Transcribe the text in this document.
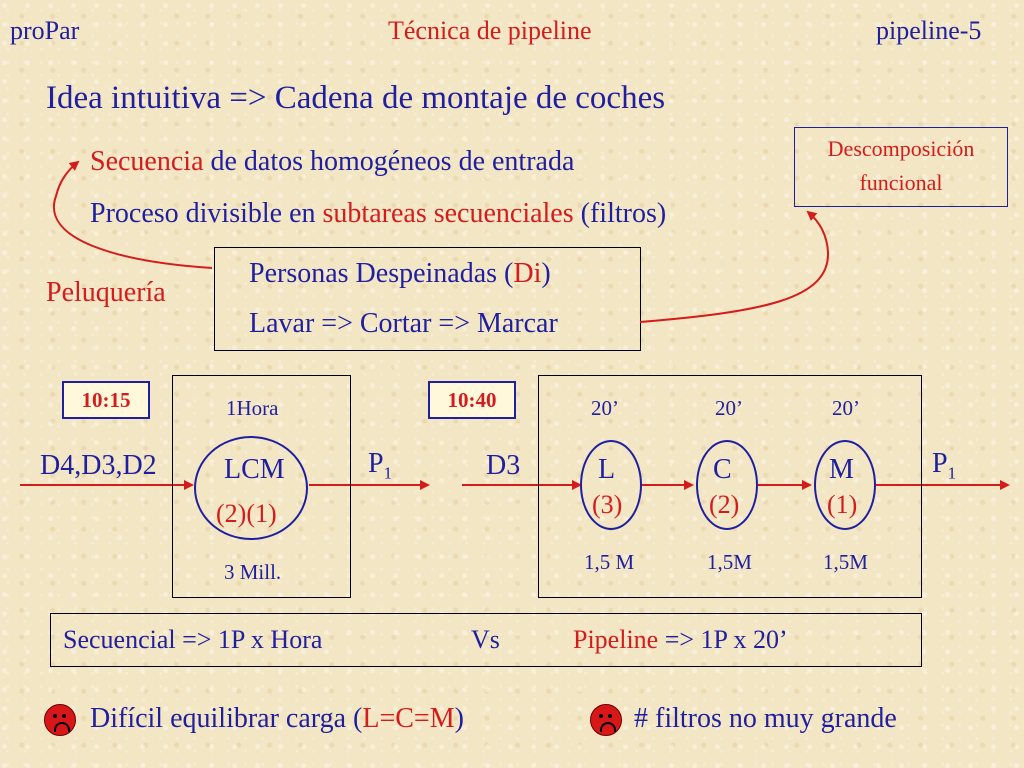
proPar	Técnica de pipeline	pipeline-5
Idea intuitiva => Cadena de montaje de coches
Secuencia de datos homogéneos de entrada
Proceso divisible en subtareas secuenciales (filtros)
Descomposición
funcional
Peluquería
Personas Despeinadas (Di)
Lavar => Cortar => Marcar
10:15	1Hora
LCM
(2)(1)
3 Mill.
D4,D3,D2	$P_1$
10:40
D3
20’	20’	20’
L
(3)
1,5 M
C
(2)
1,5M
M
(1)
1,5M
$P_1$
Secuencial => 1P x Hora	Vs	Pipeline => 1P x 20’
Difícil equilibrar carga (L=C=M)	# filtros no muy grande
